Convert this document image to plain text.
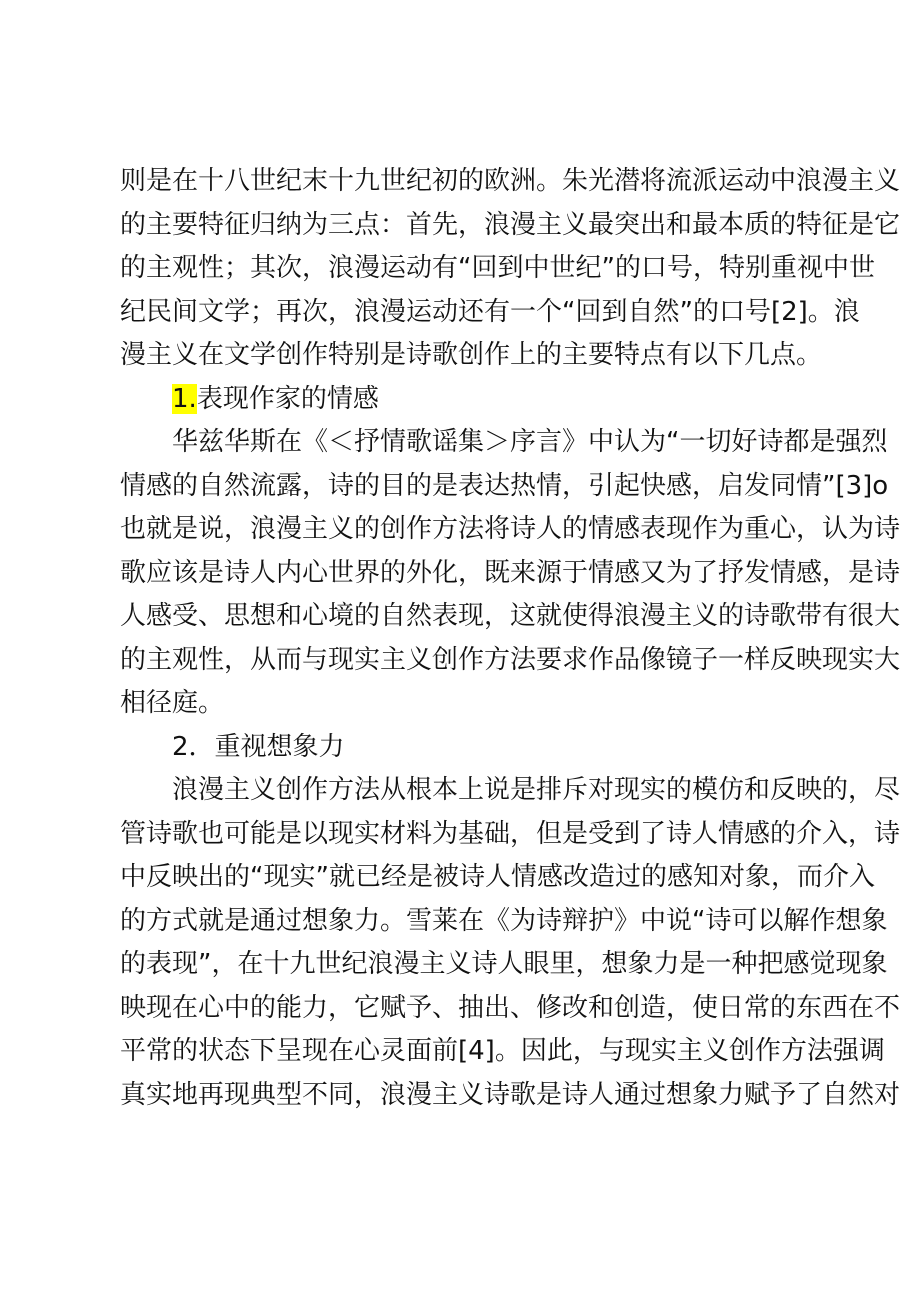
则是在十八世纪末十九世纪初的欧洲。朱光潜将流派运动中浪漫主义
的主要特征归纳为三点：首先，浪漫主义最突出和最本质的特征是它
的主观性；其次，浪漫运动有“回到中世纪”的口号，特别重视中世
纪民间文学；再次，浪漫运动还有一个“回到自然”的口号[2]。浪
漫主义在文学创作特别是诗歌创作上的主要特点有以下几点。
1.表现作家的情感
华兹华斯在《＜抒情歌谣集＞序言》中认为“一切好诗都是强烈
情感的自然流露，诗的目的是表达热情，引起快感，启发同情”[3]o
也就是说，浪漫主义的创作方法将诗人的情感表现作为重心，认为诗
歌应该是诗人内心世界的外化，既来源于情感又为了抒发情感，是诗
人感受、思想和心境的自然表现，这就使得浪漫主义的诗歌带有很大
的主观性，从而与现实主义创作方法要求作品像镜子一样反映现实大
相径庭。
2．重视想象力
浪漫主义创作方法从根本上说是排斥对现实的模仿和反映的，尽
管诗歌也可能是以现实材料为基础，但是受到了诗人情感的介入，诗
中反映出的“现实”就已经是被诗人情感改造过的感知对象，而介入
的方式就是通过想象力。雪莱在《为诗辩护》中说“诗可以解作想象
的表现”，在十九世纪浪漫主义诗人眼里，想象力是一种把感觉现象
映现在心中的能力，它赋予、抽出、修改和创造，使日常的东西在不
平常的状态下呈现在心灵面前[4]。因此，与现实主义创作方法强调
真实地再现典型不同，浪漫主义诗歌是诗人通过想象力赋予了自然对
